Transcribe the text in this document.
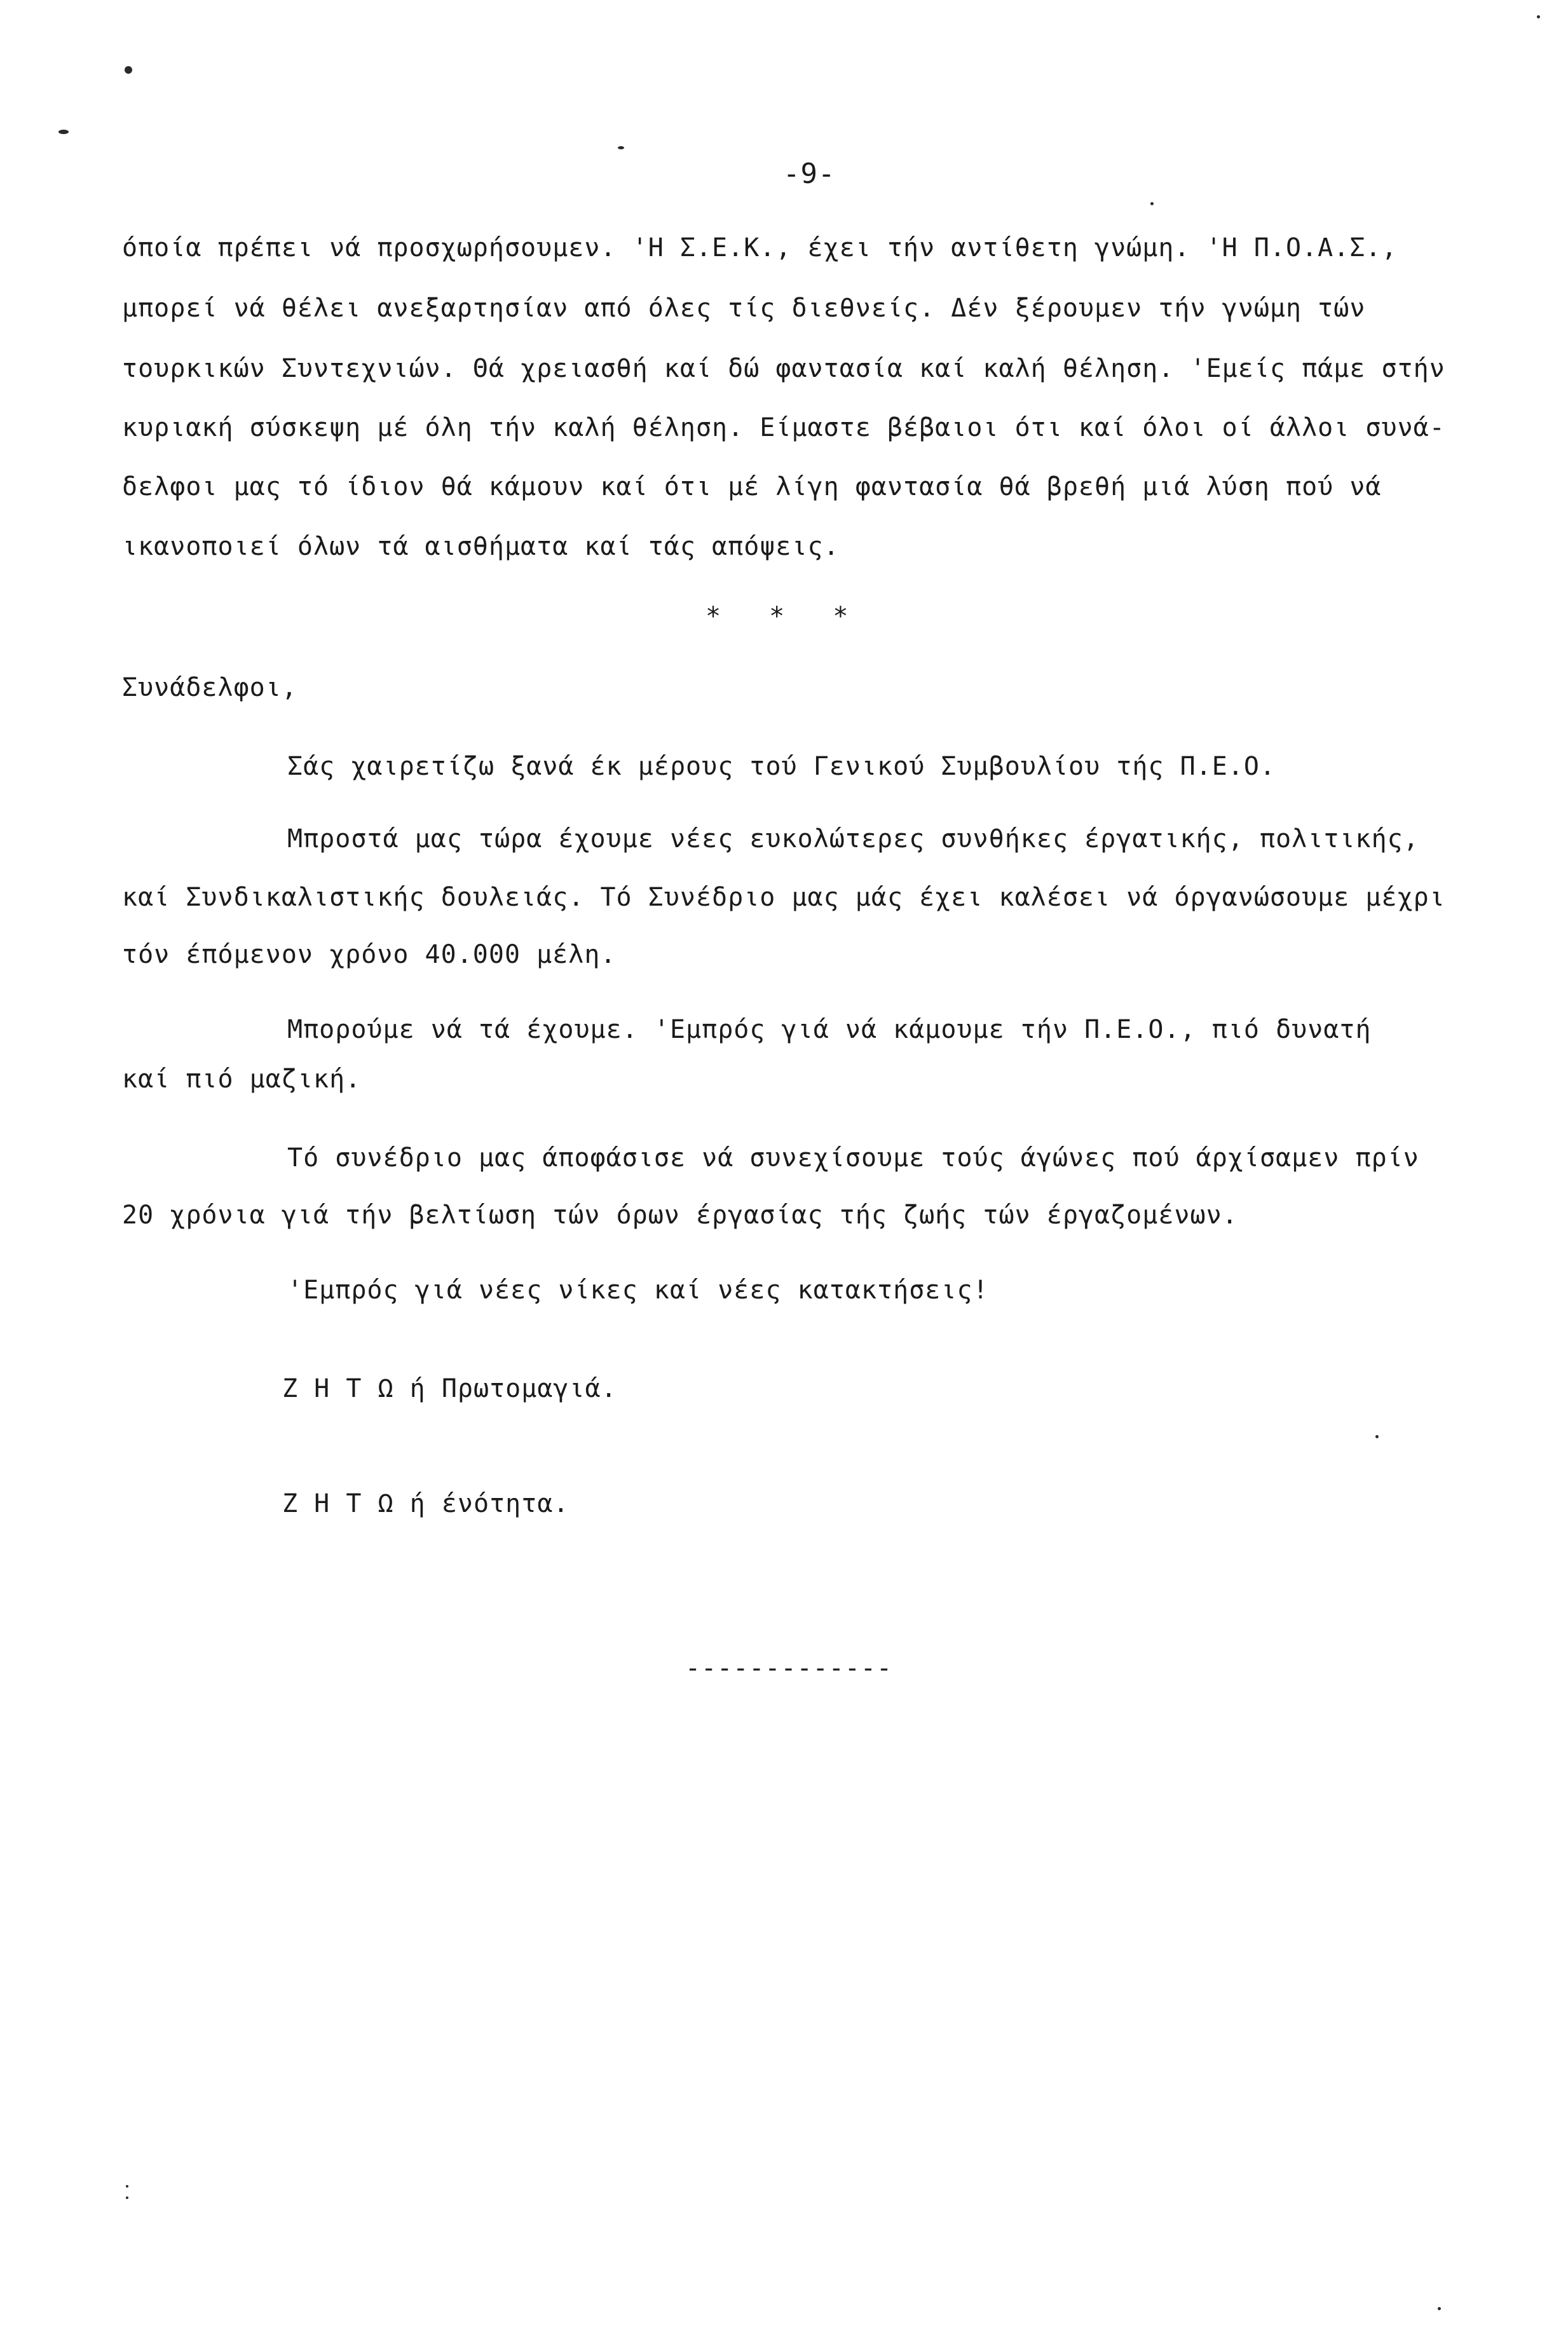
-9-
όποία πρέπει νά προσχωρήσουμεν. 'Η Σ.Ε.Κ., έχει τήν αντίθετη γνώμη. 'Η Π.Ο.Α.Σ.,
μπορεί νά θέλει ανεξαρτησίαν από όλες τίς διεθνείς. Δέν ξέρουμεν τήν γνώμη τών
τουρκικών Συντεχνιών. Θά χρειασθή καί δώ φαντασία καί καλή θέληση. 'Εμείς πάμε στήν
κυριακή σύσκεψη μέ όλη τήν καλή θέληση. Είμαστε βέβαιοι ότι καί όλοι οί άλλοι συνά-
δελφοι μας τό ίδιον θά κάμουν καί ότι μέ λίγη φαντασία θά βρεθή μιά λύση πού νά
ικανοποιεί όλων τά αισθήματα καί τάς απόψεις.
* * *
Συνάδελφοι,
Σάς χαιρετίζω ξανά έκ μέρους τού Γενικού Συμβουλίου τής Π.Ε.Ο.
Μπροστά μας τώρα έχουμε νέες ευκολώτερες συνθήκες έργατικής, πολιτικής,
καί Συνδικαλιστικής δουλειάς. Τό Συνέδριο μας μάς έχει καλέσει νά όργανώσουμε μέχρι
τόν έπόμενον χρόνο 40.000 μέλη.
Μπορούμε νά τά έχουμε. 'Εμπρός γιά νά κάμουμε τήν Π.Ε.Ο., πιό δυνατή
καί πιό μαζική.
Τό συνέδριο μας άποφάσισε νά συνεχίσουμε τούς άγώνες πού άρχίσαμεν πρίν
20 χρόνια γιά τήν βελτίωση τών όρων έργασίας τής ζωής τών έργαζομένων.
'Εμπρός γιά νέες νίκες καί νέες κατακτήσεις!
Ζ Η Τ Ω ή Πρωτομαγιά.
Ζ Η Τ Ω ή ένότητα.
-------------
